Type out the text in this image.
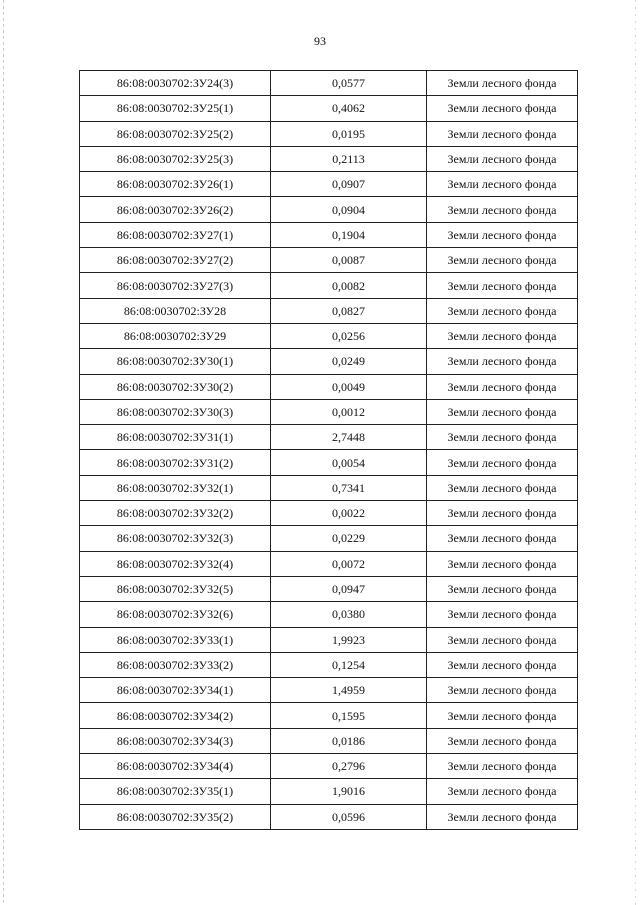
93
86:08:0030702:ЗУ24(3)	0,0577	Земли лесного фонда
86:08:0030702:ЗУ25(1)	0,4062	Земли лесного фонда
86:08:0030702:ЗУ25(2)	0,0195	Земли лесного фонда
86:08:0030702:ЗУ25(3)	0,2113	Земли лесного фонда
86:08:0030702:ЗУ26(1)	0,0907	Земли лесного фонда
86:08:0030702:ЗУ26(2)	0,0904	Земли лесного фонда
86:08:0030702:ЗУ27(1)	0,1904	Земли лесного фонда
86:08:0030702:ЗУ27(2)	0,0087	Земли лесного фонда
86:08:0030702:ЗУ27(3)	0,0082	Земли лесного фонда
86:08:0030702:ЗУ28	0,0827	Земли лесного фонда
86:08:0030702:ЗУ29	0,0256	Земли лесного фонда
86:08:0030702:ЗУ30(1)	0,0249	Земли лесного фонда
86:08:0030702:ЗУ30(2)	0,0049	Земли лесного фонда
86:08:0030702:ЗУ30(3)	0,0012	Земли лесного фонда
86:08:0030702:ЗУ31(1)	2,7448	Земли лесного фонда
86:08:0030702:ЗУ31(2)	0,0054	Земли лесного фонда
86:08:0030702:ЗУ32(1)	0,7341	Земли лесного фонда
86:08:0030702:ЗУ32(2)	0,0022	Земли лесного фонда
86:08:0030702:ЗУ32(3)	0,0229	Земли лесного фонда
86:08:0030702:ЗУ32(4)	0,0072	Земли лесного фонда
86:08:0030702:ЗУ32(5)	0,0947	Земли лесного фонда
86:08:0030702:ЗУ32(6)	0,0380	Земли лесного фонда
86:08:0030702:ЗУ33(1)	1,9923	Земли лесного фонда
86:08:0030702:ЗУ33(2)	0,1254	Земли лесного фонда
86:08:0030702:ЗУ34(1)	1,4959	Земли лесного фонда
86:08:0030702:ЗУ34(2)	0,1595	Земли лесного фонда
86:08:0030702:ЗУ34(3)	0,0186	Земли лесного фонда
86:08:0030702:ЗУ34(4)	0,2796	Земли лесного фонда
86:08:0030702:ЗУ35(1)	1,9016	Земли лесного фонда
86:08:0030702:ЗУ35(2)	0,0596	Земли лесного фонда
